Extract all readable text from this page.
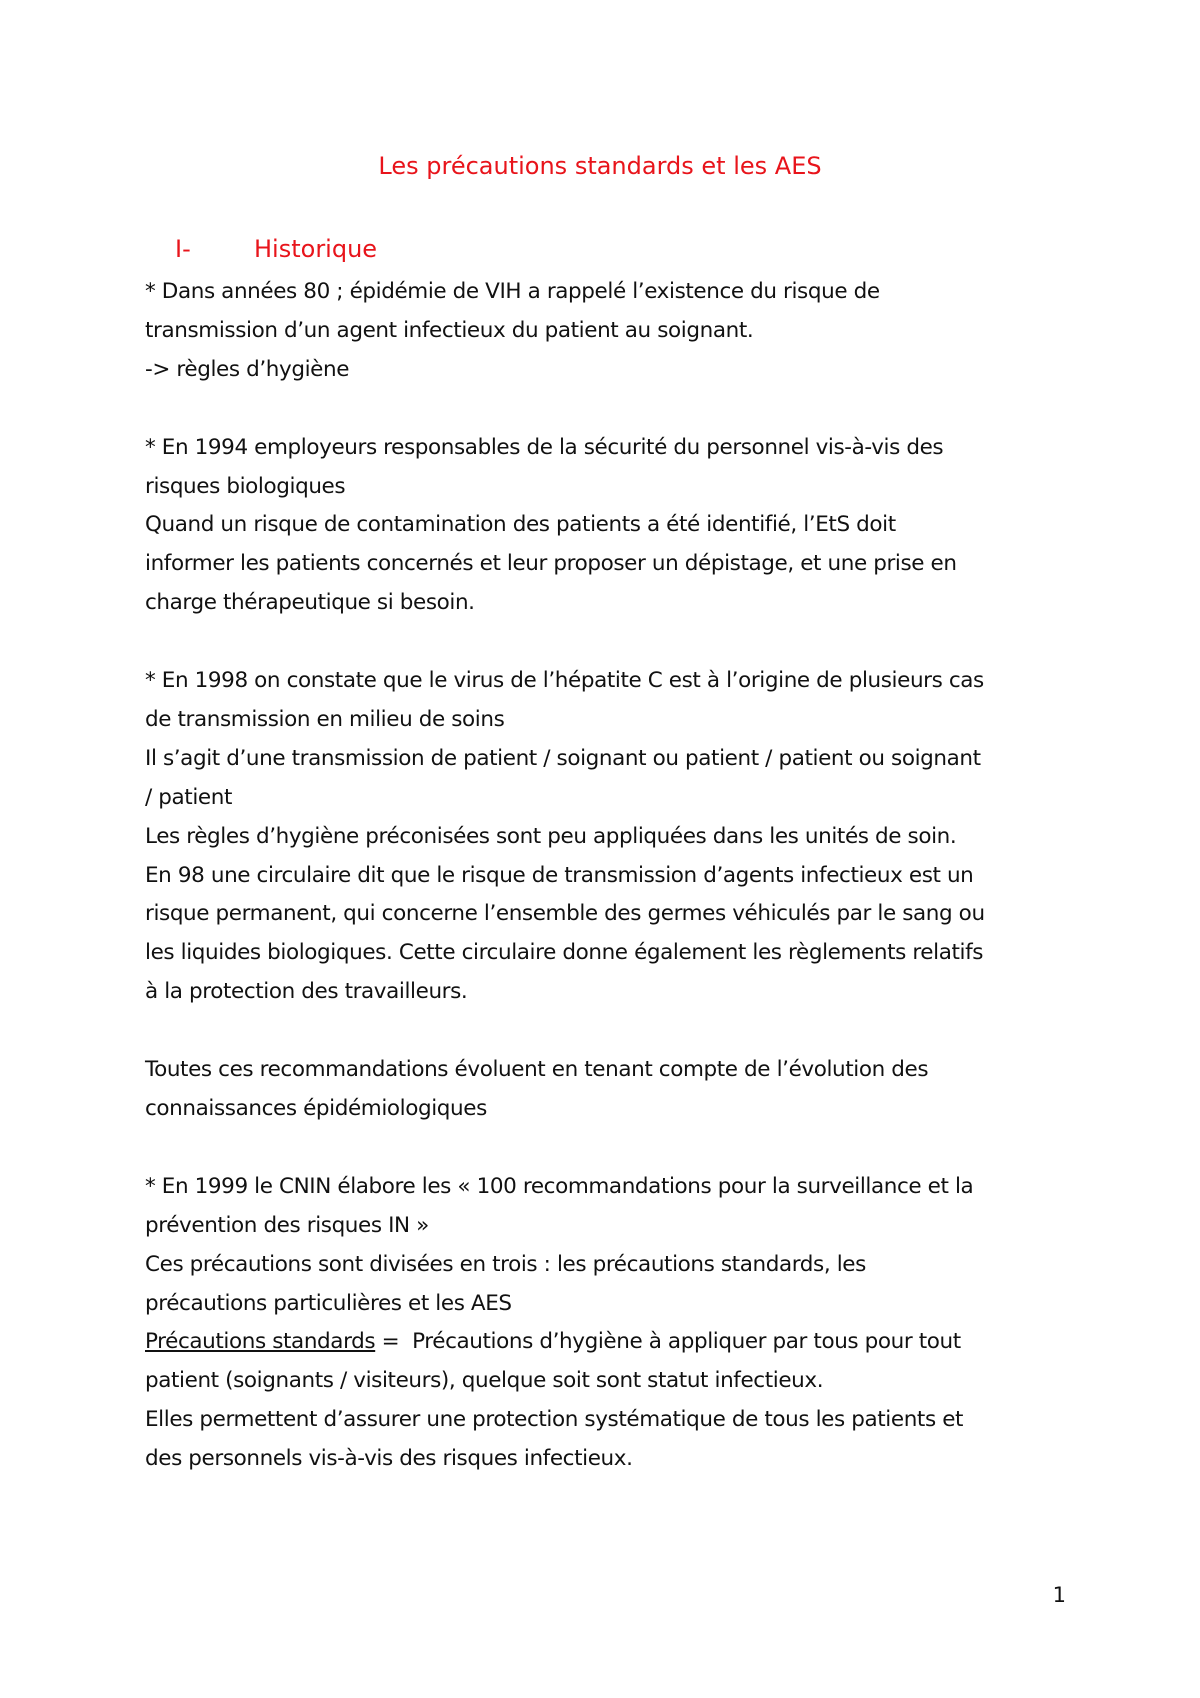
Les précautions standards et les AES
I-	Historique

* Dans années 80 ; épidémie de VIH a rappelé l’existence du risque de

transmission d’un agent infectieux du patient au soignant.

-> règles d’hygiène

* En 1994 employeurs responsables de la sécurité du personnel vis-à-vis des

risques biologiques

Quand un risque de contamination des patients a été identifié, l’EtS doit

informer les patients concernés et leur proposer un dépistage, et une prise en

charge thérapeutique si besoin.

* En 1998 on constate que le virus de l’hépatite C est à l’origine de plusieurs cas

de transmission en milieu de soins

Il s’agit d’une transmission de patient / soignant ou patient / patient ou soignant

/ patient

Les règles d’hygiène préconisées sont peu appliquées dans les unités de soin.

En 98 une circulaire dit que le risque de transmission d’agents infectieux est un

risque permanent, qui concerne l’ensemble des germes véhiculés par le sang ou

les liquides biologiques. Cette circulaire donne également les règlements relatifs

à la protection des travailleurs.

Toutes ces recommandations évoluent en tenant compte de l’évolution des

connaissances épidémiologiques

* En 1999 le CNIN élabore les « 100 recommandations pour la surveillance et la

prévention des risques IN »

Ces précautions sont divisées en trois : les précautions standards, les

précautions particulières et les AES

Précautions standards =  Précautions d’hygiène à appliquer par tous pour tout

patient (soignants / visiteurs), quelque soit sont statut infectieux.

Elles permettent d’assurer une protection systématique de tous les patients et

des personnels vis-à-vis des risques infectieux.

1
